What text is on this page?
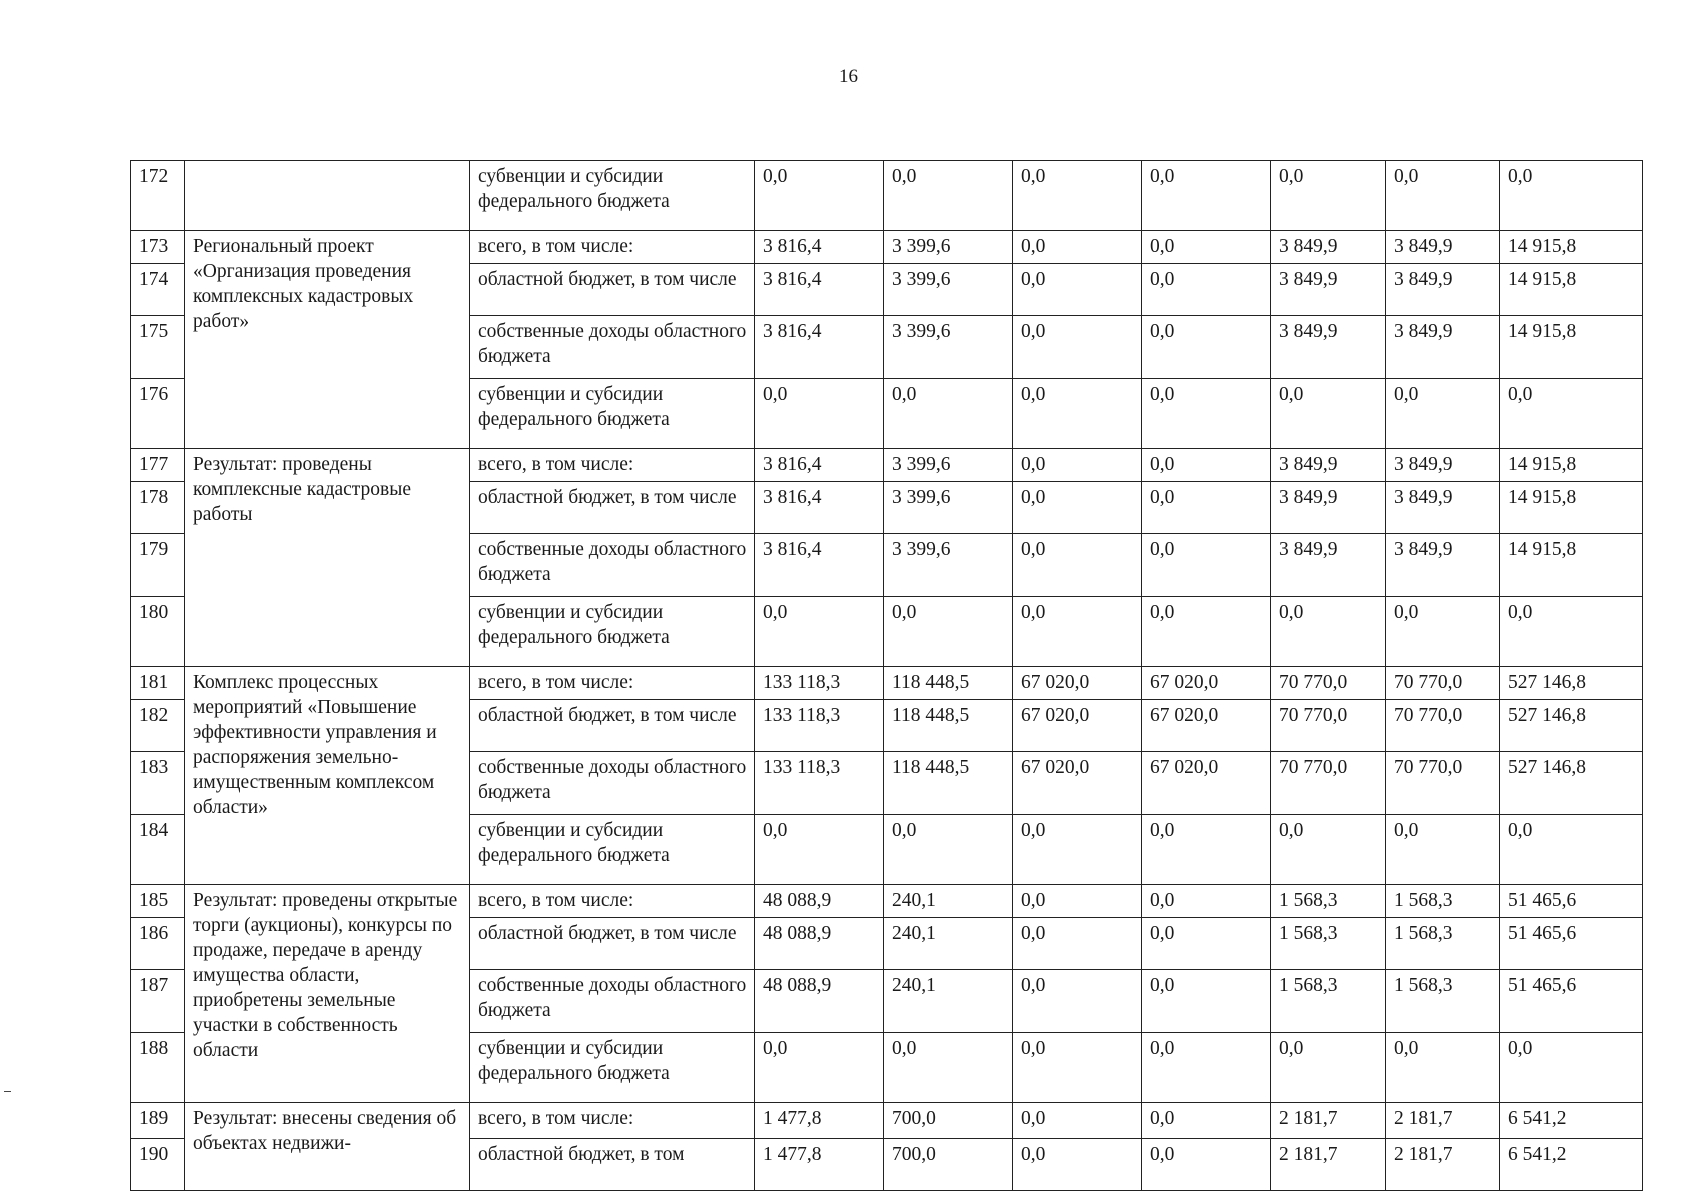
16
172		субвенции и субсидии федерального бюджета	0,0	0,0	0,0	0,0	0,0	0,0	0,0
173	Региональный проект «Организация проведения комплексных кадастровых работ»	всего, в том числе:	3 816,4	3 399,6	0,0	0,0	3 849,9	3 849,9	14 915,8
174		областной бюджет, в том числе	3 816,4	3 399,6	0,0	0,0	3 849,9	3 849,9	14 915,8
175		собственные доходы областного бюджета	3 816,4	3 399,6	0,0	0,0	3 849,9	3 849,9	14 915,8
176		субвенции и субсидии федерального бюджета	0,0	0,0	0,0	0,0	0,0	0,0	0,0
177	Результат: проведены комплексные кадастровые работы	всего, в том числе:	3 816,4	3 399,6	0,0	0,0	3 849,9	3 849,9	14 915,8
178		областной бюджет, в том числе	3 816,4	3 399,6	0,0	0,0	3 849,9	3 849,9	14 915,8
179		собственные доходы областного бюджета	3 816,4	3 399,6	0,0	0,0	3 849,9	3 849,9	14 915,8
180		субвенции и субсидии федерального бюджета	0,0	0,0	0,0	0,0	0,0	0,0	0,0
181	Комплекс процессных мероприятий «Повышение эффективности управления и распоряжения земельно-имущественным комплексом области»	всего, в том числе:	133 118,3	118 448,5	67 020,0	67 020,0	70 770,0	70 770,0	527 146,8
182		областной бюджет, в том числе	133 118,3	118 448,5	67 020,0	67 020,0	70 770,0	70 770,0	527 146,8
183		собственные доходы областного бюджета	133 118,3	118 448,5	67 020,0	67 020,0	70 770,0	70 770,0	527 146,8
184		субвенции и субсидии федерального бюджета	0,0	0,0	0,0	0,0	0,0	0,0	0,0
185	Результат: проведены открытые торги (аукционы), конкурсы по продаже, передаче в аренду имущества области, приобретены земельные участки в собственность области	всего, в том числе:	48 088,9	240,1	0,0	0,0	1 568,3	1 568,3	51 465,6
186		областной бюджет, в том числе	48 088,9	240,1	0,0	0,0	1 568,3	1 568,3	51 465,6
187		собственные доходы областного бюджета	48 088,9	240,1	0,0	0,0	1 568,3	1 568,3	51 465,6
188		субвенции и субсидии федерального бюджета	0,0	0,0	0,0	0,0	0,0	0,0	0,0
189	Результат: внесены сведения об объектах недвижи-	всего, в том числе:	1 477,8	700,0	0,0	0,0	2 181,7	2 181,7	6 541,2
190		областной бюджет, в том	1 477,8	700,0	0,0	0,0	2 181,7	2 181,7	6 541,2
